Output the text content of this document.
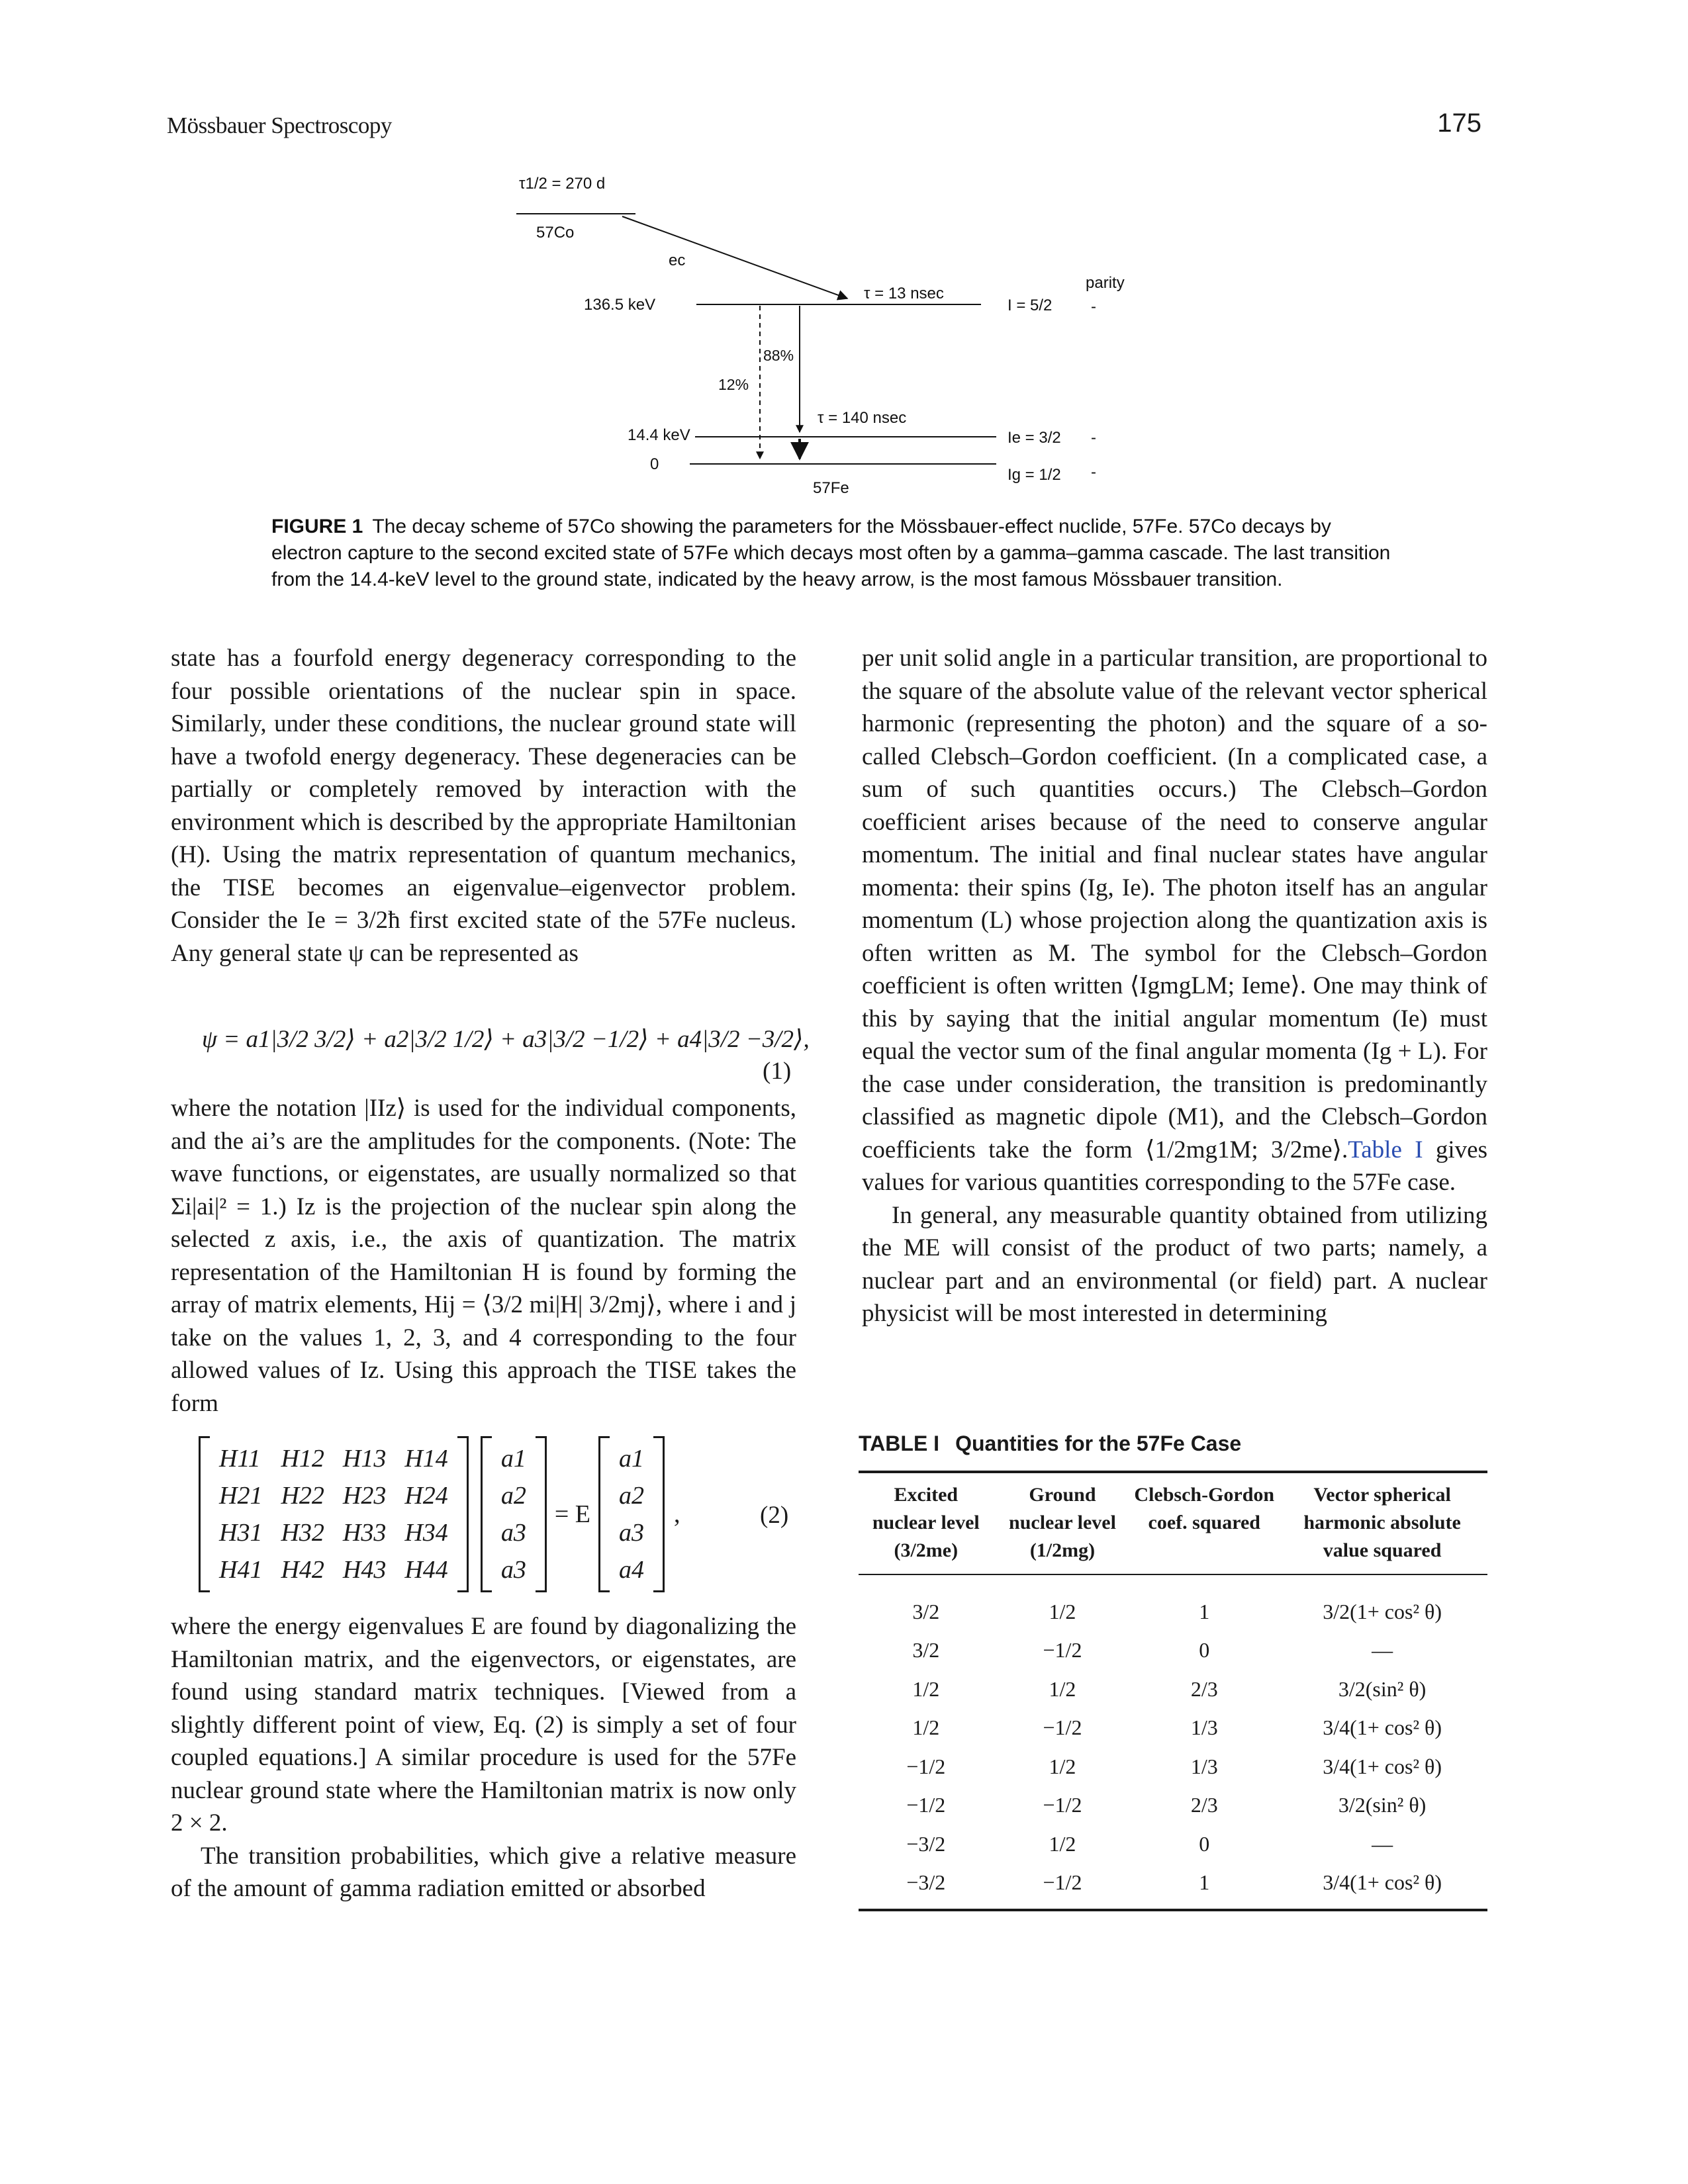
Mössbauer Spectroscopy	175
τ1/2 = 270 d
57Co
ec
τ = 13 nsec
I = 5/2
parity
-
136.5 keV
88%
12%
τ = 140 nsec
14.4 keV
0
Ie = 3/2 -
Ig = 1/2 -
57Fe
FIGURE 1 The decay scheme of 57Co showing the parameters for the Mössbauer-effect nuclide, 57Fe. 57Co decays by electron capture to the second excited state of 57Fe which decays most often by a gamma–gamma cascade. The last transition from the 14.4-keV level to the ground state, indicated by the heavy arrow, is the most famous Mössbauer transition.

state has a fourfold energy degeneracy corresponding to the four possible orientations of the nuclear spin in space. Similarly, under these conditions, the nuclear ground state will have a twofold energy degeneracy. These degeneracies can be partially or completely removed by interaction with the environment which is described by the appropriate Hamiltonian (H). Using the matrix representation of quantum mechanics, the TISE becomes an eigenvalue–eigenvector problem. Consider the Ie = 3/2ħ first excited state of the 57Fe nucleus. Any general state ψ can be represented as

ψ = a1|3/2 3/2⟩ + a2|3/2 1/2⟩ + a3|3/2 −1/2⟩ + a4|3/2 −3/2⟩,
(1)

where the notation |IIz⟩ is used for the individual components, and the ai’s are the amplitudes for the components. (Note: The wave functions, or eigenstates, are usually normalized so that Σi|ai|² = 1.) Iz is the projection of the nuclear spin along the selected z axis, i.e., the axis of quantization. The matrix representation of the Hamiltonian H is found by forming the array of matrix elements, Hij = ⟨3/2 mi|H| 3/2mj⟩, where i and j take on the values 1, 2, 3, and 4 corresponding to the four allowed values of Iz. Using this approach the TISE takes the form

H11 H12 H13 H14
H21 H22 H23 H24
H31 H32 H33 H34
H41 H42 H43 H44
a1
a2
a3
a3
= E
a1
a2
a3
a4
,	(2)

where the energy eigenvalues E are found by diagonalizing the Hamiltonian matrix, and the eigenvectors, or eigenstates, are found using standard matrix techniques. [Viewed from a slightly different point of view, Eq. (2) is simply a set of four coupled equations.] A similar procedure is used for the 57Fe nuclear ground state where the Hamiltonian matrix is now only 2 × 2.

The transition probabilities, which give a relative measure of the amount of gamma radiation emitted or absorbed

per unit solid angle in a particular transition, are proportional to the square of the absolute value of the relevant vector spherical harmonic (representing the photon) and the square of a so-called Clebsch–Gordon coefficient. (In a complicated case, a sum of such quantities occurs.) The Clebsch–Gordon coefficient arises because of the need to conserve angular momentum. The initial and final nuclear states have angular momenta: their spins (Ig, Ie). The photon itself has an angular momentum (L) whose projection along the quantization axis is often written as M. The symbol for the Clebsch–Gordon coefficient is often written ⟨IgmgLM; Ieme⟩. One may think of this by saying that the initial angular momentum (Ie) must equal the vector sum of the final angular momenta (Ig + L). For the case under consideration, the transition is predominantly classified as magnetic dipole (M1), and the Clebsch–Gordon coefficients take the form ⟨1/2mg1M; 3/2me⟩.Table I gives values for various quantities corresponding to the 57Fe case.

In general, any measurable quantity obtained from utilizing the ME will consist of the product of two parts; namely, a nuclear part and an environmental (or field) part. A nuclear physicist will be most interested in determining

TABLE I Quantities for the 57Fe Case
Excited nuclear level (3/2me)	Ground nuclear level (1/2mg)	Clebsch-Gordon coef. squared	Vector spherical harmonic absolute value squared
3/2	1/2	1	3/2(1+ cos² θ)
3/2	−1/2	0	—
1/2	1/2	2/3	3/2(sin² θ)
1/2	−1/2	1/3	3/4(1+ cos² θ)
−1/2	1/2	1/3	3/4(1+ cos² θ)
−1/2	−1/2	2/3	3/2(sin² θ)
−3/2	1/2	0	—
−3/2	−1/2	1	3/4(1+ cos² θ)
